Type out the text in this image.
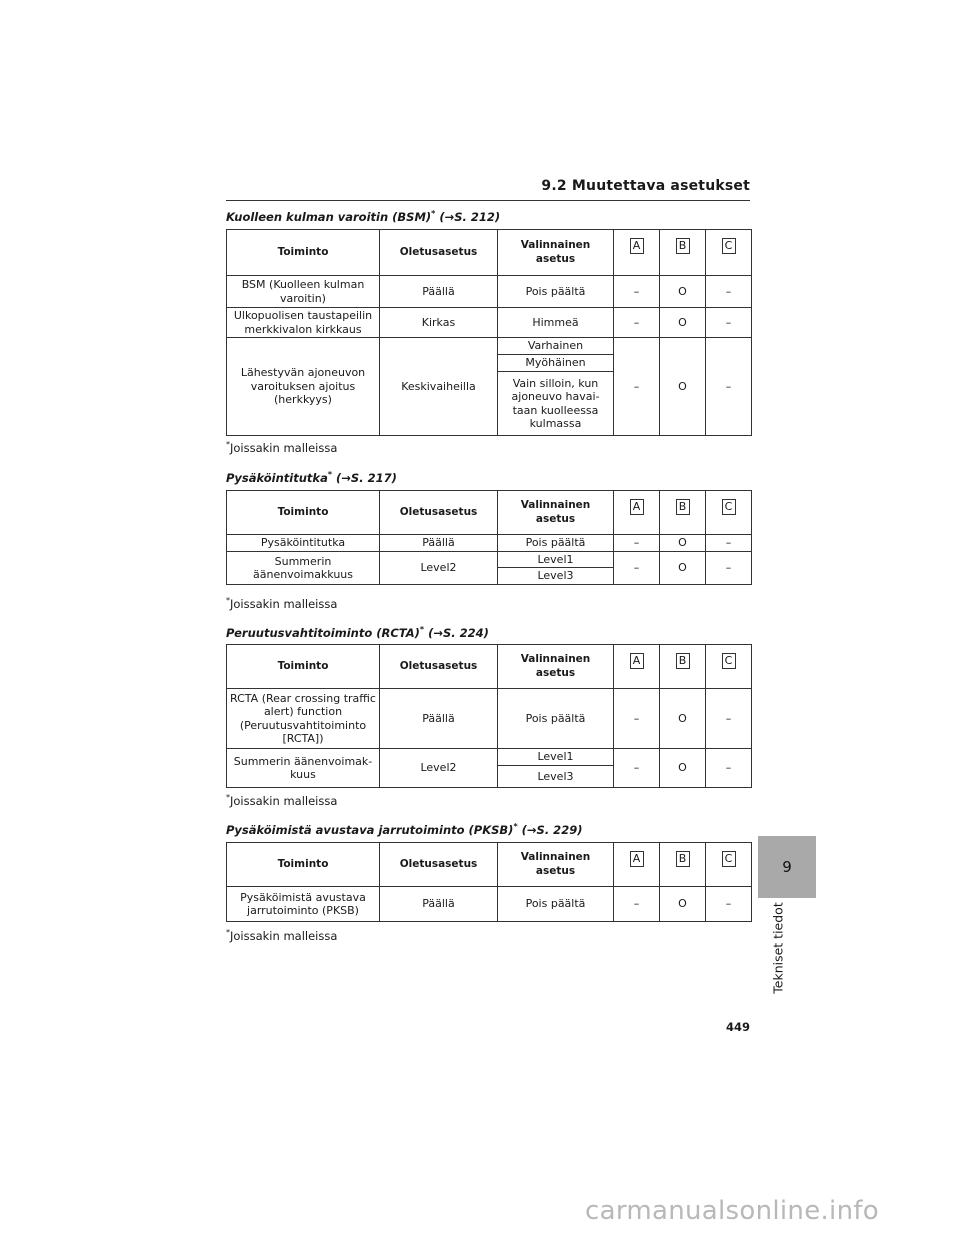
9.2 Muutettava asetukset
Kuolleen kulman varoitin (BSM)* (→S. 212)
Toiminto	Oletusasetus	Valinnainen asetus	A	B	C
BSM (Kuolleen kulman varoitin)	Päällä	Pois päältä	–	O	–
Ulkopuolisen taustapeilin merkkivalon kirkkaus	Kirkas	Himmeä	–	O	–
Lähestyvän ajoneuvon varoituksen ajoitus (herkkyys)	Keskivaiheilla	Varhainen	–	O	–
		Myöhäinen			
		Vain silloin, kun ajoneuvo havai-taan kuolleessa kulmassa			
*Joissakin malleissa
Pysäköintitutka* (→S. 217)
Toiminto	Oletusasetus	Valinnainen asetus	A	B	C
Pysäköintitutka	Päällä	Pois päältä	–	O	–
Summerin äänenvoimakkuus	Level2	Level1	–	O	–
		Level3			
*Joissakin malleissa
Peruutusvahtitoiminto (RCTA)* (→S. 224)
Toiminto	Oletusasetus	Valinnainen asetus	A	B	C
RCTA (Rear crossing traffic alert) function (Peruutusvahtitoiminto [RCTA])	Päällä	Pois päältä	–	O	–
Summerin äänenvoimak-kuus	Level2	Level1	–	O	–
		Level3			
*Joissakin malleissa
Pysäköimistä avustava jarrutoiminto (PKSB)* (→S. 229)
Toiminto	Oletusasetus	Valinnainen asetus	A	B	C
Pysäköimistä avustava jarrutoiminto (PKSB)	Päällä	Pois päältä	–	O	–
*Joissakin malleissa
9
Tekniset tiedot
449
carmanualsonline.info
